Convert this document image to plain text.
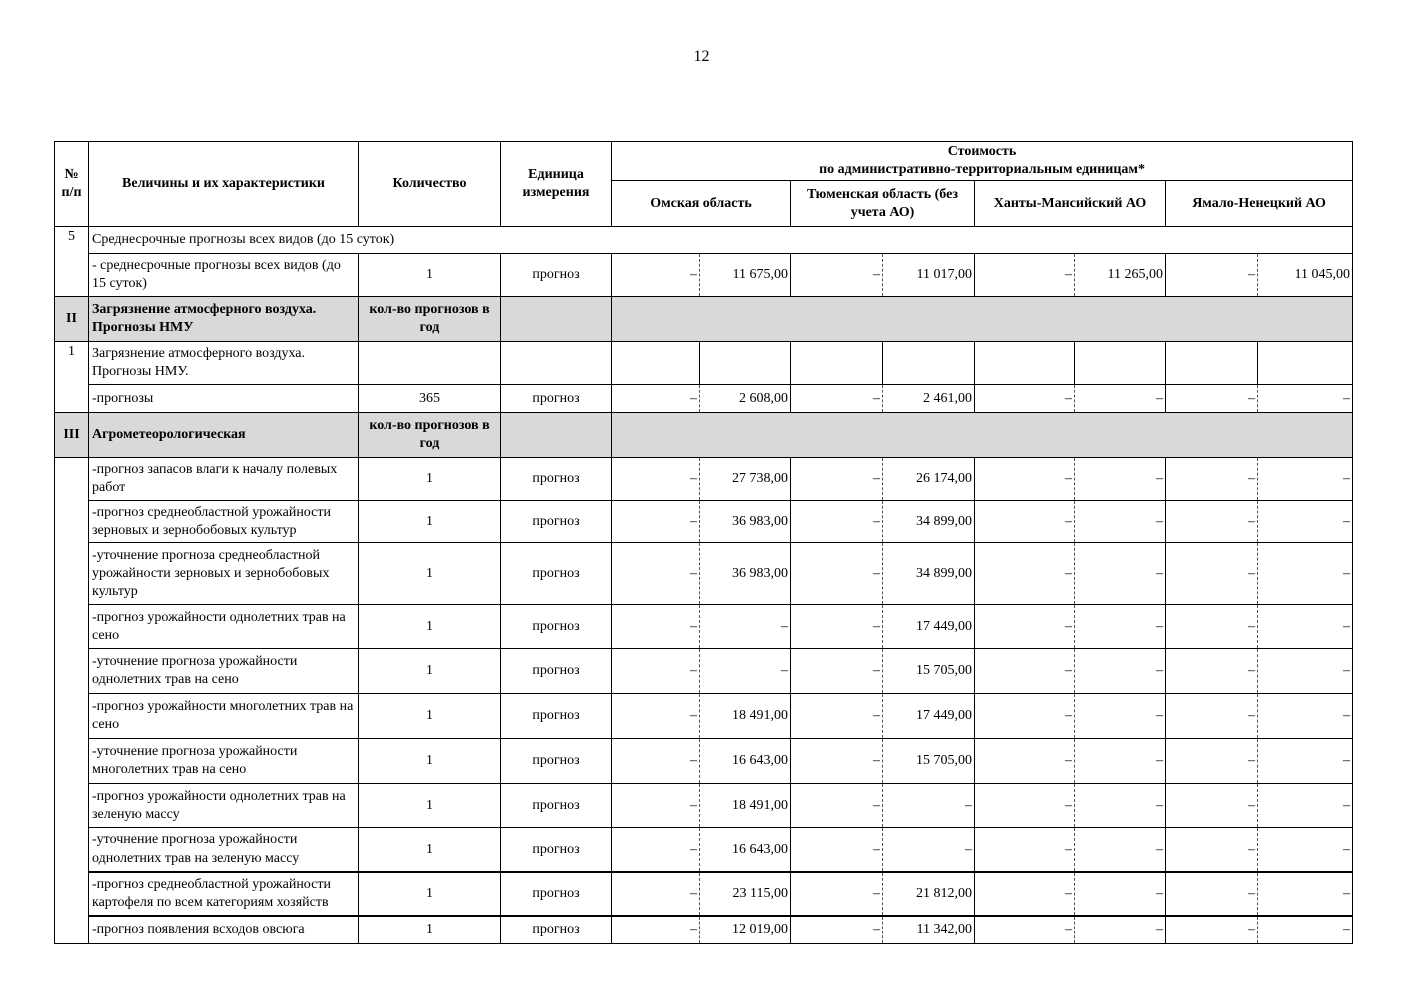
12
№ п/п	Величины и их характеристики	Количество	Единица измерения	Стоимость
по административно-территориальным единицам*							

				Омская область		Тюменская область (без учета АО)		Ханты-Мансийский АО		Ямало-Ненецкий АО	
5	Среднесрочные прогнозы всех видов (до 15 суток)										
	- среднесрочные прогнозы всех видов (до 15 суток)	1	прогноз	–	11 675,00	–	11 017,00	–	11 265,00	–	11 045,00
II	Загрязнение атмосферного воздуха. Прогнозы НМУ	кол-во прогнозов в год									
1	Загрязнение атмосферного воздуха. Прогнозы НМУ.										
	-прогнозы	365	прогноз	–	2 608,00	–	2 461,00	–	–	–	–
III	Агрометеорологическая	кол-во прогнозов в год									
	-прогноз запасов влаги к началу полевых работ	1	прогноз	–	27 738,00	–	26 174,00	–	–	–	–
	-прогноз среднеобластной урожайности зерновых и зернобобовых культур	1	прогноз	–	36 983,00	–	34 899,00	–	–	–	–
	-уточнение прогноза среднеобластной урожайности зерновых и зернобобовых культур	1	прогноз	–	36 983,00	–	34 899,00	–	–	–	–
	-прогноз урожайности однолетних трав на сено	1	прогноз	–	–	–	17 449,00	–	–	–	–
	-уточнение прогноза урожайности однолетних трав на сено	1	прогноз	–	–	–	15 705,00	–	–	–	–
	-прогноз урожайности многолетних трав на сено	1	прогноз	–	18 491,00	–	17 449,00	–	–	–	–
	-уточнение прогноза урожайности многолетних трав на сено	1	прогноз	–	16 643,00	–	15 705,00	–	–	–	–
	-прогноз урожайности однолетних трав на зеленую массу	1	прогноз	–	18 491,00	–	–	–	–	–	–
	-уточнение прогноза урожайности однолетних трав на зеленую массу	1	прогноз	–	16 643,00	–	–	–	–	–	–
	-прогноз среднеобластной урожайности картофеля по всем категориям хозяйств	1	прогноз	–	23 115,00	–	21 812,00	–	–	–	–
	-прогноз появления всходов овсюга	1	прогноз	–	12 019,00	–	11 342,00	–	–	–	–
